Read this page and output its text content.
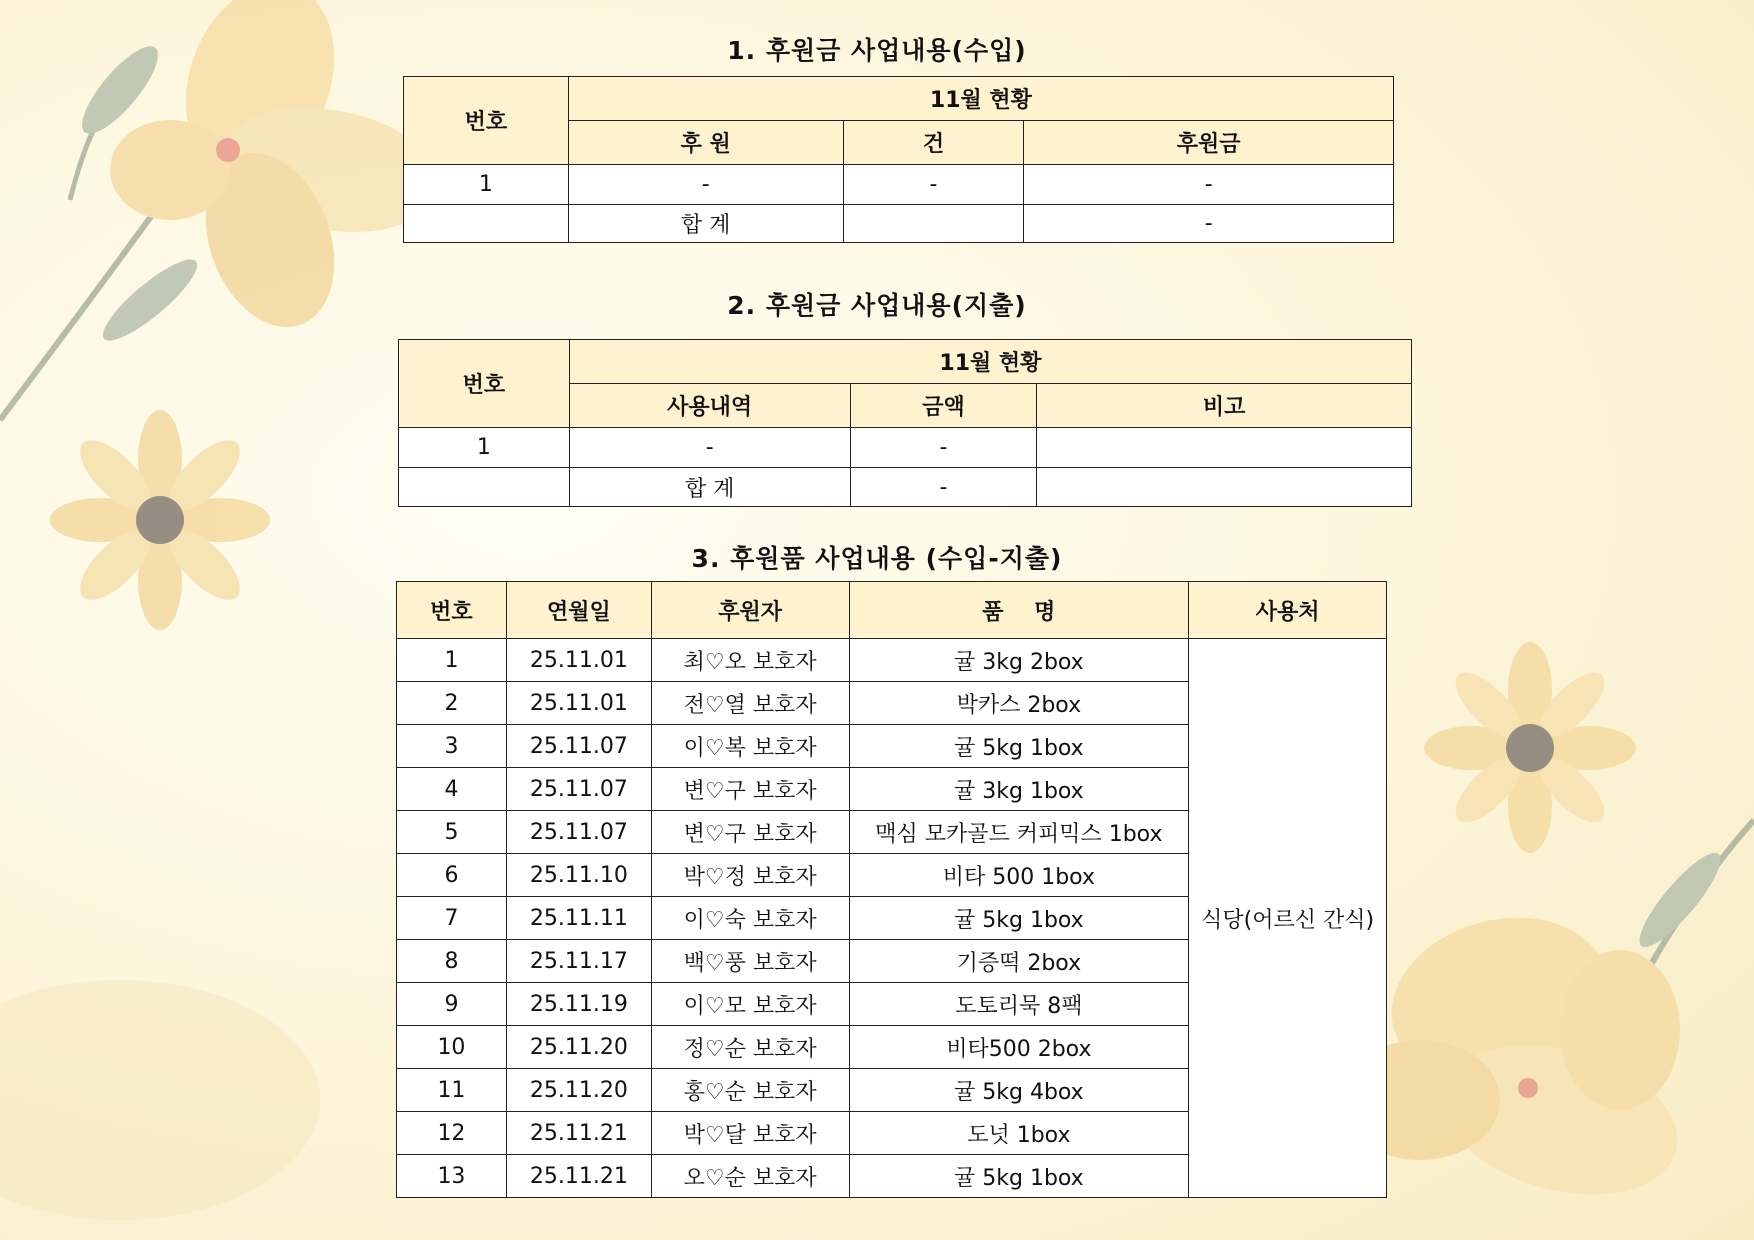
1. 후원금 사업내용(수입)
번호	11월 현황		
	후 원	건	후원금
1	-	-	-
	합 계		-
2. 후원금 사업내용(지출)
번호	11월 현황		
	사용내역	금액	비고
1	-	-	
	합 계	-	
3. 후원품 사업내용 (수입-지출)
번호	연월일	후원자	품    명	사용처
1	25.11.01	최♡오 보호자	귤 3kg 2box	식당(어르신 간식)
2	25.11.01	전♡열 보호자	박카스 2box	
3	25.11.07	이♡복 보호자	귤 5kg 1box	
4	25.11.07	변♡구 보호자	귤 3kg 1box	
5	25.11.07	변♡구 보호자	맥심 모카골드 커피믹스 1box	
6	25.11.10	박♡정 보호자	비타 500 1box	
7	25.11.11	이♡숙 보호자	귤 5kg 1box	
8	25.11.17	백♡풍 보호자	기증떡 2box	
9	25.11.19	이♡모 보호자	도토리묵 8팩	
10	25.11.20	정♡순 보호자	비타500 2box	
11	25.11.20	홍♡순 보호자	귤 5kg 4box	
12	25.11.21	박♡달 보호자	도넛 1box	
13	25.11.21	오♡순 보호자	귤 5kg 1box	
